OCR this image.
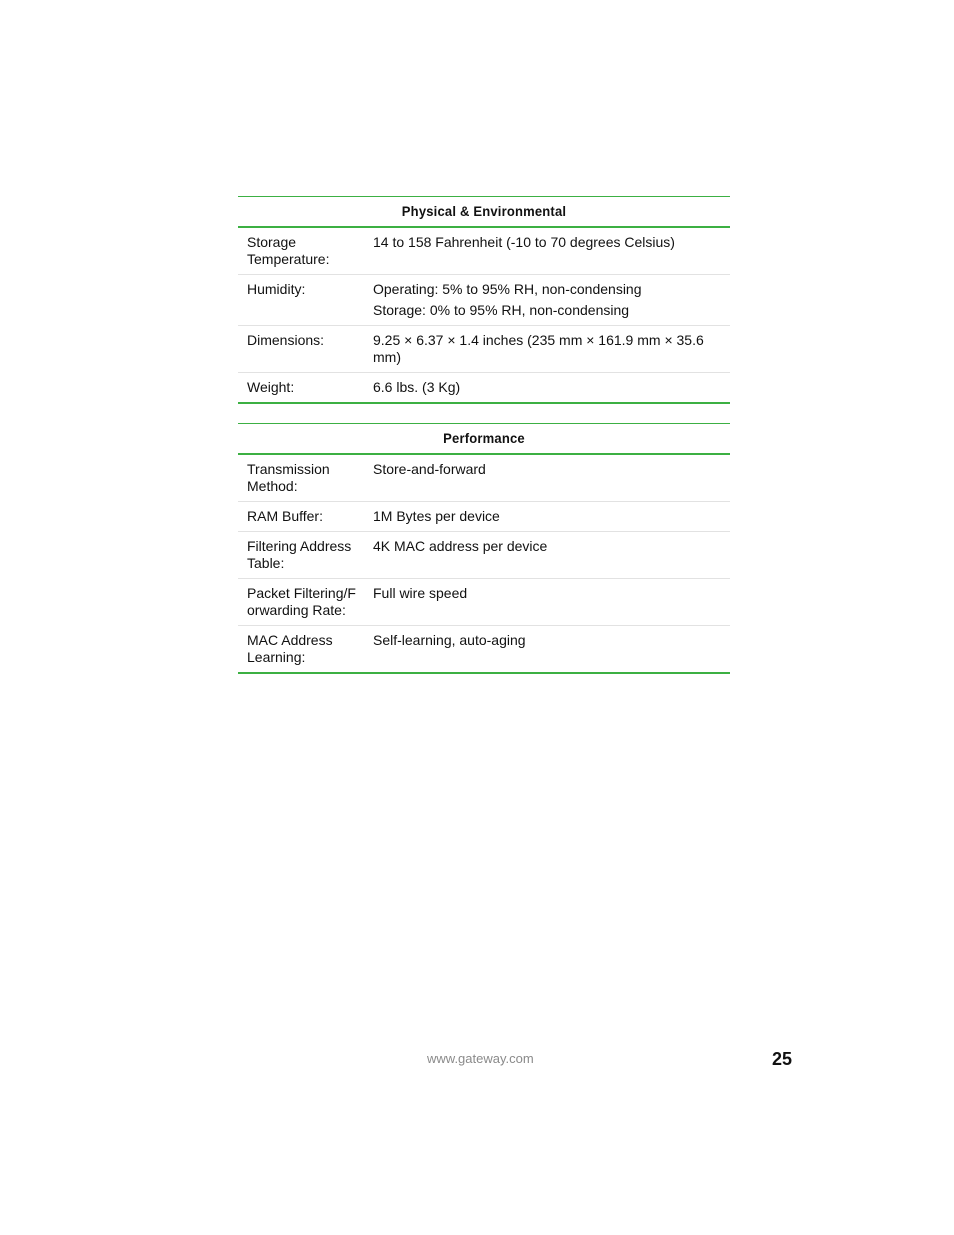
Physical & Environmental	
Storage Temperature:	14 to 158 Fahrenheit (-10 to 70 degrees Celsius)

Humidity:	Operating: 5% to 95% RH, non-condensing
Storage: 0% to 95% RH, non-condensing

Dimensions:	9.25 × 6.37 × 1.4 inches (235 mm × 161.9 mm × 35.6 mm)

Weight:	6.6 lbs. (3 Kg)
Performance	
Transmission Method:	Store-and-forward

RAM Buffer:	1M Bytes per device

Filtering Address Table:	4K MAC address per device

Packet Filtering/Forwarding Rate:	Full wire speed

MAC Address Learning:	Self-learning, auto-aging
www.gateway.com	25
